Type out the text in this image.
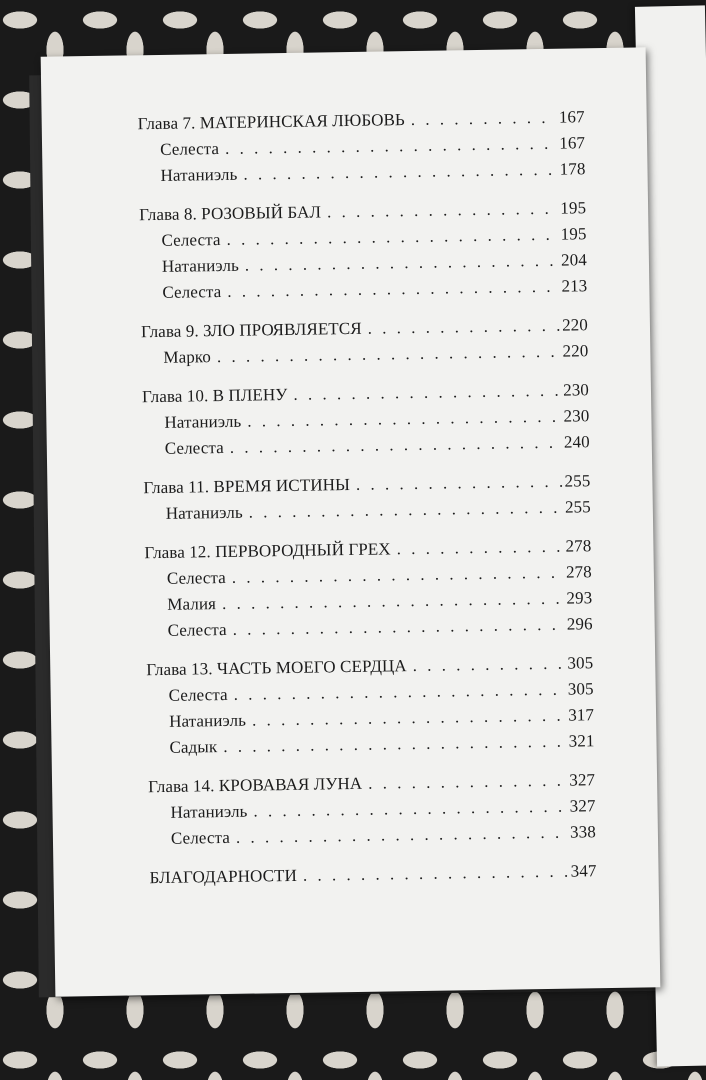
Глава 7. МАТЕРИНСКАЯ ЛЮБОВЬ . . .	167
Селеста . . .	167
Натаниэль . . .	178
Глава 8. РОЗОВЫЙ БАЛ . . .	195
Селеста . . .	195
Натаниэль . . .	204
Селеста . . .	213
Глава 9. ЗЛО ПРОЯВЛЯЕТСЯ . . .	220
Марко . . .	220
Глава 10. В ПЛЕНУ . . .	230
Натаниэль . . .	230
Селеста . . .	240
Глава 11. ВРЕМЯ ИСТИНЫ . . .	255
Натаниэль . . .	255
Глава 12. ПЕРВОРОДНЫЙ ГРЕХ . . .	278
Селеста . . .	278
Малия . . .	293
Селеста . . .	296
Глава 13. ЧАСТЬ МОЕГО СЕРДЦА . . .	305
Селеста . . .	305
Натаниэль . . .	317
Садык . . .	321
Глава 14. КРОВАВАЯ ЛУНА . . .	327
Натаниэль . . .	327
Селеста . . .	338
БЛАГОДАРНОСТИ . . .	347
